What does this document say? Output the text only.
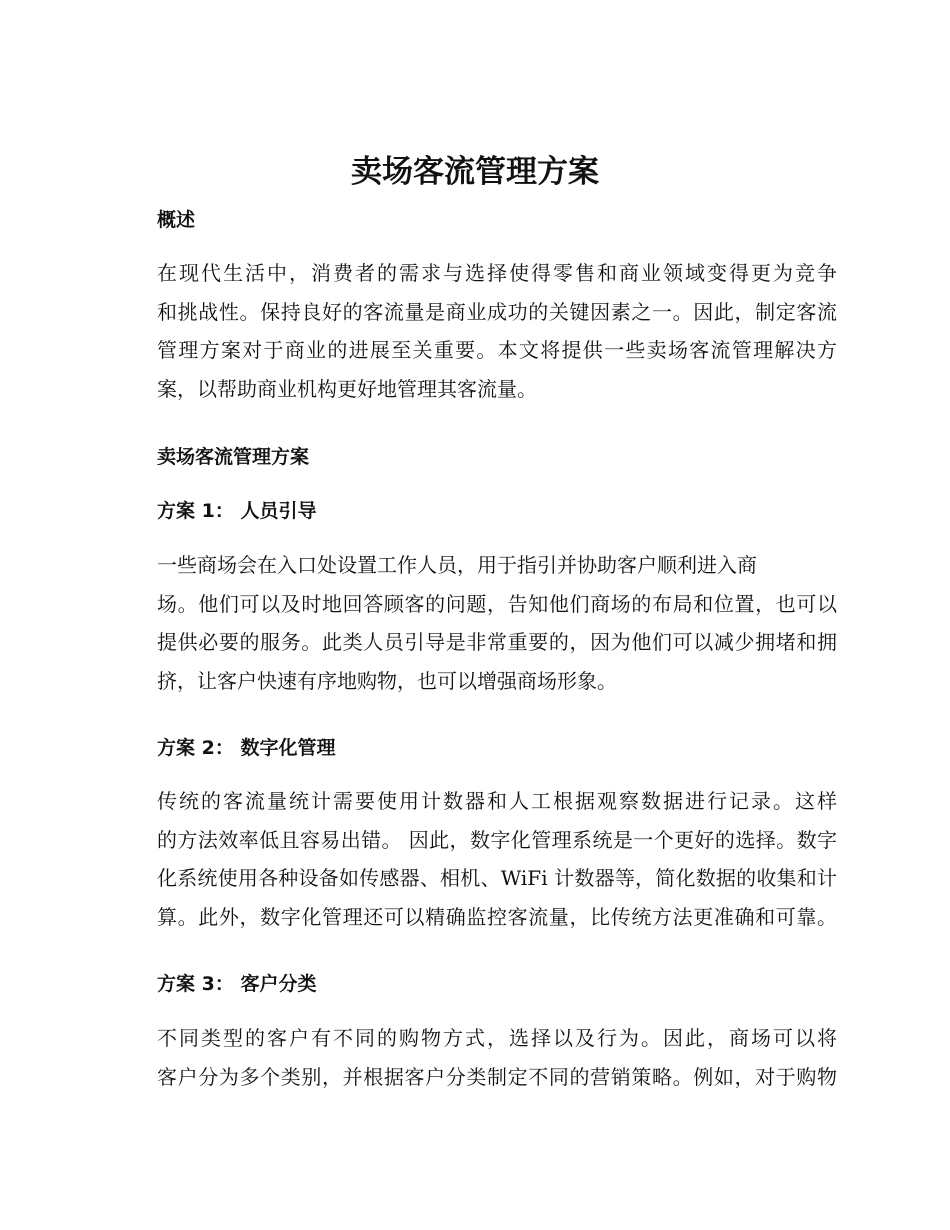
卖场客流管理方案
概述
在现代生活中，消费者的需求与选择使得零售和商业领域变得更为竞争
和挑战性。保持良好的客流量是商业成功的关键因素之一。因此，制定客流
管理方案对于商业的进展至关重要。本文将提供一些卖场客流管理解决方
案，以帮助商业机构更好地管理其客流量。
卖场客流管理方案
方案 1： 人员引导
一些商场会在入口处设置工作人员，用于指引并协助客户顺利进入商
场。他们可以及时地回答顾客的问题，告知他们商场的布局和位置，也可以
提供必要的服务。此类人员引导是非常重要的，因为他们可以减少拥堵和拥
挤，让客户快速有序地购物，也可以增强商场形象。
方案 2： 数字化管理
传统的客流量统计需要使用计数器和人工根据观察数据进行记录。这样
的方法效率低且容易出错。 因此，数字化管理系统是一个更好的选择。数字
化系统使用各种设备如传感器、相机、WiFi 计数器等，简化数据的收集和计
算。此外，数字化管理还可以精确监控客流量，比传统方法更准确和可靠。
方案 3： 客户分类
不同类型的客户有不同的购物方式，选择以及行为。因此，商场可以将
客户分为多个类别，并根据客户分类制定不同的营销策略。例如，对于购物
